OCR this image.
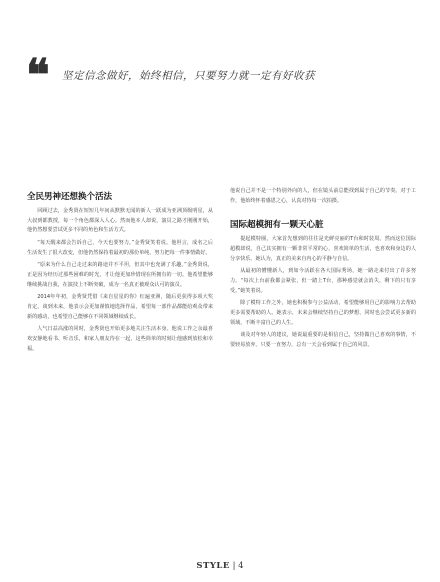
❝ 坚定信念做好，始终相信，只要努力就一定有好收获
全民男神还想换个活法

回顾过去，金秀贤在短短几年间从默默无闻的新人一跃成为亚洲顶级明星，从大叔到都教授，每一个角色都深入人心。然而他本人却说，演员之路才刚刚开始，他仍然想要尝试更多不同的角色和生活方式。

“每天醒来都会告诉自己，今天也要努力。”金秀贤笑着说。他坦言，成名之后生活发生了很大改变，但他仍然保持着最初的那份单纯，努力把每一件事情做好。

“原来为什么自己走过来的路途并不平坦，但其中也充满了乐趣。”金秀贤说，正是因为经历过那些困难的时光，才让他更加珍惜现在所拥有的一切。他希望能够继续挑战自我，在演技上不断突破，成为一名真正被观众认可的演员。

2014年年初，金秀贤凭借《来自星星的你》红遍亚洲，随后更获得多项大奖肯定。谈到未来，他表示会更加谨慎地选择作品，希望每一部作品都能给观众带来新的感动，也希望自己能够在不同领域继续成长。

人气日益高涨的同时，金秀贤也开始更多地关注生活本身。他说工作之余最喜欢安静地看书、听音乐，和家人朋友待在一起，这些简单的时刻让他感到放松和幸福。

他说自己并不是一个特别外向的人，但在镜头前总能找到属于自己的节奏。对于工作，他始终怀着感恩之心，认真对待每一次拍摄。

国际超模拥有一颗天心脏

提起模特圈，大家首先想到的往往是光鲜亮丽的T台和时装周。然而这位国际超模却说，自己其实拥有一颗非常平常的心，喜欢简单的生活，也喜欢和身边的人分享快乐。她认为，真正的美来自内心的平静与自信。

从最初的懵懂新人，到如今活跃在各大国际秀场，她一路走来付出了许多努力。“每次上台前我都会紧张，但一踏上T台，那种感觉就会消失，剩下的只有享受。”她笑着说。

除了模特工作之外，她也积极参与公益活动，希望能够用自己的影响力去帮助更多需要帮助的人。她表示，未来会继续坚持自己的梦想，同时也会尝试更多新的领域，不断丰富自己的人生。

谈及对年轻人的建议，她说最重要的是相信自己，坚持做自己喜欢的事情，不要轻易放弃。只要一直努力，总有一天会看到属于自己的风景。

STYLE | 4
